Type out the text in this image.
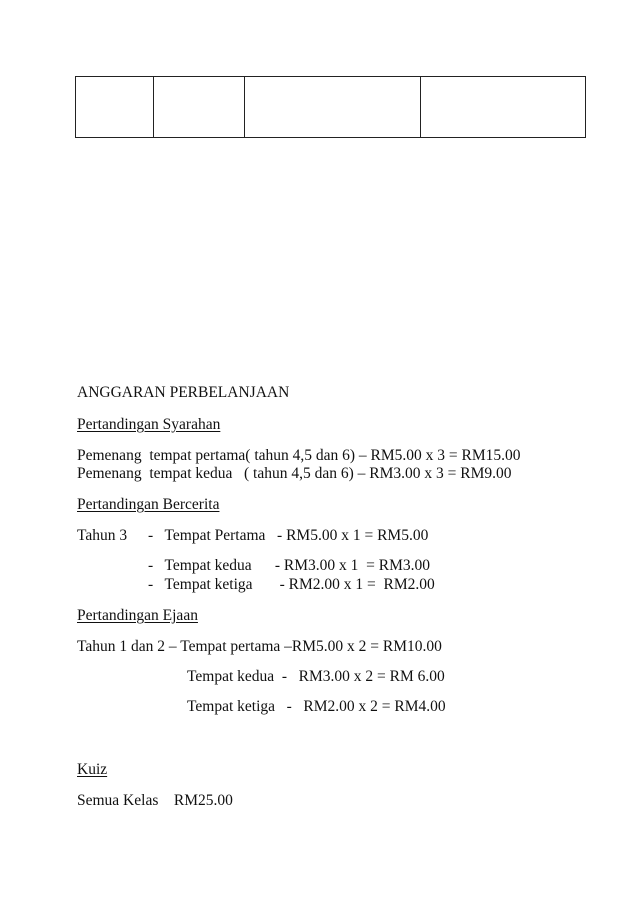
ANGGARAN PERBELANJAAN
Pertandingan Syarahan
Pemenang  tempat pertama( tahun 4,5 dan 6) – RM5.00 x 3 = RM15.00
Pemenang  tempat kedua   ( tahun 4,5 dan 6) – RM3.00 x 3 = RM9.00
Pertandingan Bercerita
Tahun 3 -   Tempat Pertama   - RM5.00 x 1 = RM5.00
-   Tempat kedua      - RM3.00 x 1  = RM3.00
-   Tempat ketiga       - RM2.00 x 1 =  RM2.00
Pertandingan Ejaan
Tahun 1 dan 2 – Tempat pertama –RM5.00 x 2 = RM10.00
Tempat kedua  -   RM3.00 x 2 = RM 6.00
Tempat ketiga   -   RM2.00 x 2 = RM4.00
Kuiz
Semua Kelas    RM25.00
